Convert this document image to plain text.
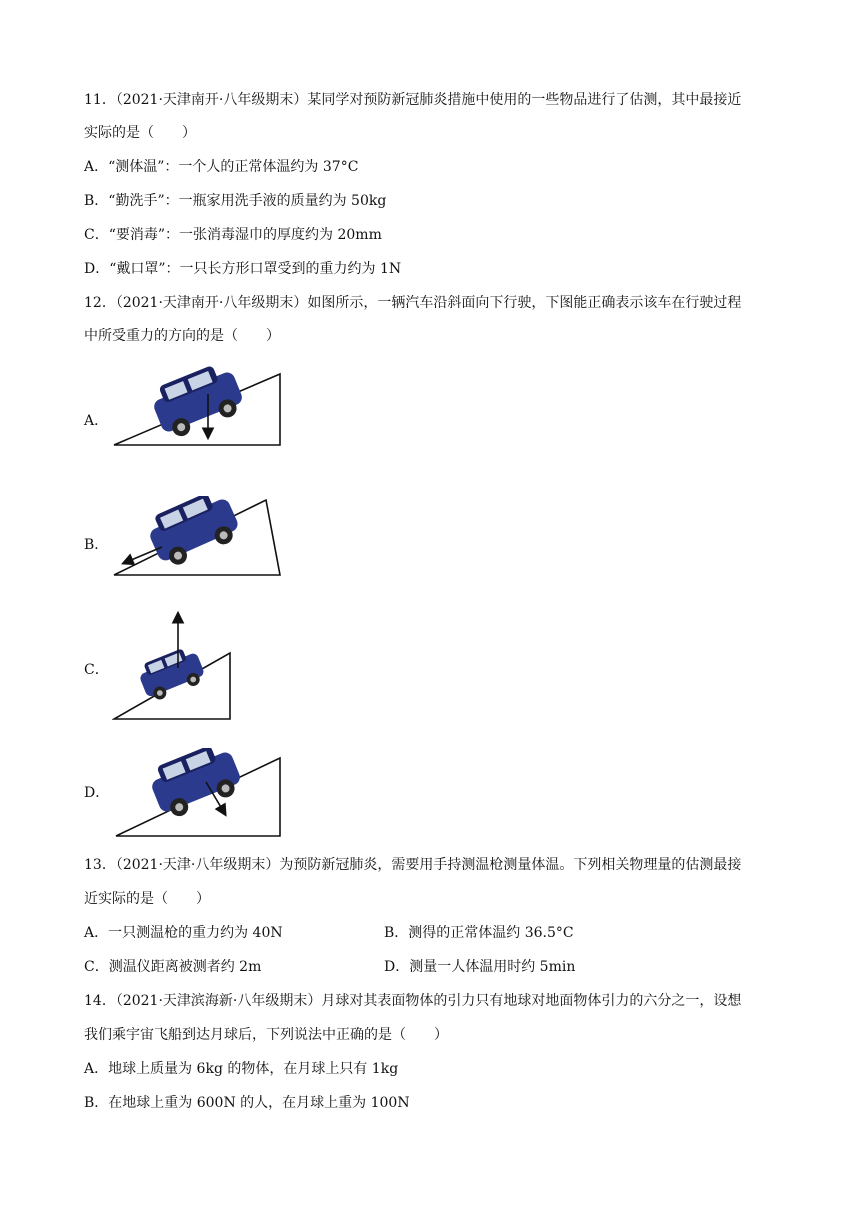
11．（2021·天津南开·八年级期末）某同学对预防新冠肺炎措施中使用的一些物品进行了估测，其中最接近
实际的是（　　）
A．“测体温”：一个人的正常体温约为 37°C
B．“勤洗手”：一瓶家用洗手液的质量约为 50kg
C．“要消毒”：一张消毒湿巾的厚度约为 20mm
D．“戴口罩”：一只长方形口罩受到的重力约为 1N
12．（2021·天津南开·八年级期末）如图所示，一辆汽车沿斜面向下行驶，下图能正确表示该车在行驶过程
中所受重力的方向的是（　　）
A．
B．
C．
D．
13．（2021·天津·八年级期末）为预防新冠肺炎，需要用手持测温枪测量体温。下列相关物理量的估测最接
近实际的是（　　）
A．一只测温枪的重力约为 40N	B．测得的正常体温约 36.5°C
C．测温仪距离被测者约 2m	D．测量一人体温用时约 5min
14．（2021·天津滨海新·八年级期末）月球对其表面物体的引力只有地球对地面物体引力的六分之一，设想
我们乘宇宙飞船到达月球后，下列说法中正确的是（　　）
A．地球上质量为 6kg 的物体，在月球上只有 1kg
B．在地球上重为 600N 的人，在月球上重为 100N
